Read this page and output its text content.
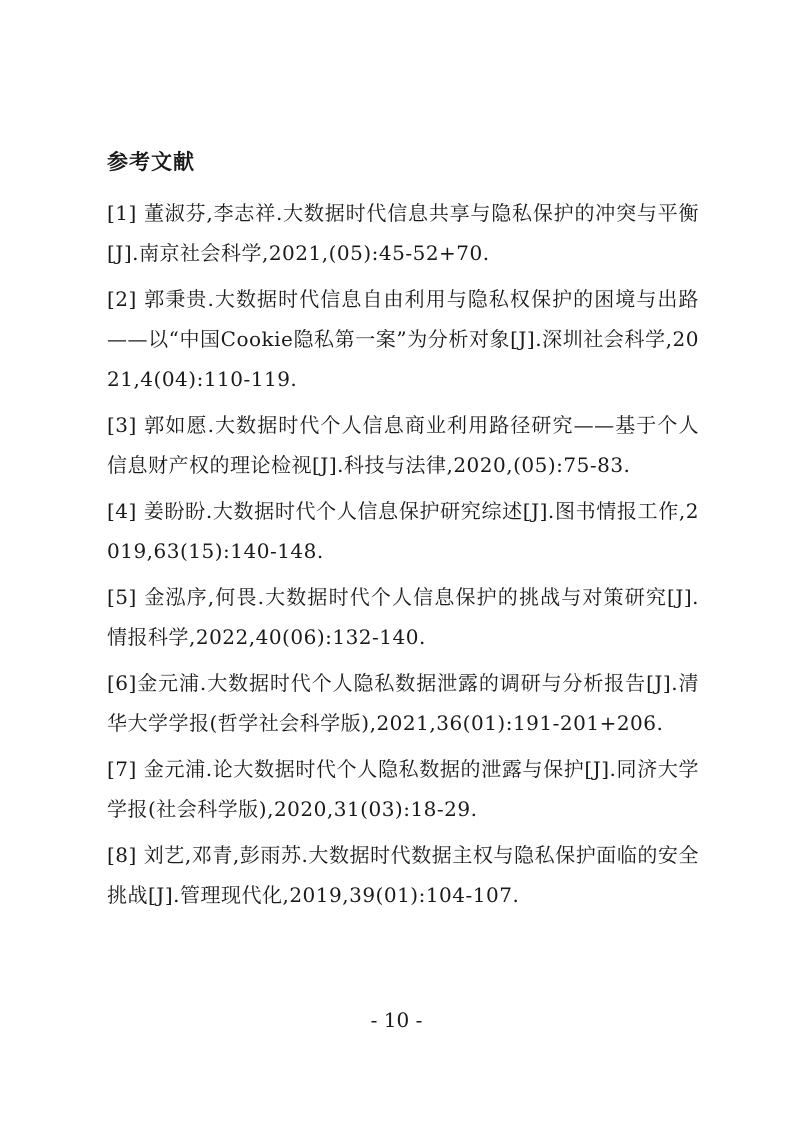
参考文献
[1] 董淑芬,李志祥.大数据时代信息共享与隐私保护的冲突与平衡[J].南京社会科学,2021,(05):45-52+70.
[2] 郭秉贵.大数据时代信息自由利用与隐私权保护的困境与出路——以“中国Cookie隐私第一案”为分析对象[J].深圳社会科学,2021,4(04):110-119.
[3] 郭如愿.大数据时代个人信息商业利用路径研究——基于个人信息财产权的理论检视[J].科技与法律,2020,(05):75-83.
[4] 姜盼盼.大数据时代个人信息保护研究综述[J].图书情报工作,2019,63(15):140-148.
[5] 金泓序,何畏.大数据时代个人信息保护的挑战与对策研究[J].情报科学,2022,40(06):132-140.
[6]金元浦.大数据时代个人隐私数据泄露的调研与分析报告[J].清华大学学报(哲学社会科学版),2021,36(01):191-201+206.
[7] 金元浦.论大数据时代个人隐私数据的泄露与保护[J].同济大学学报(社会科学版),2020,31(03):18-29.
[8] 刘艺,邓青,彭雨苏.大数据时代数据主权与隐私保护面临的安全挑战[J].管理现代化,2019,39(01):104-107.
- 10 -
